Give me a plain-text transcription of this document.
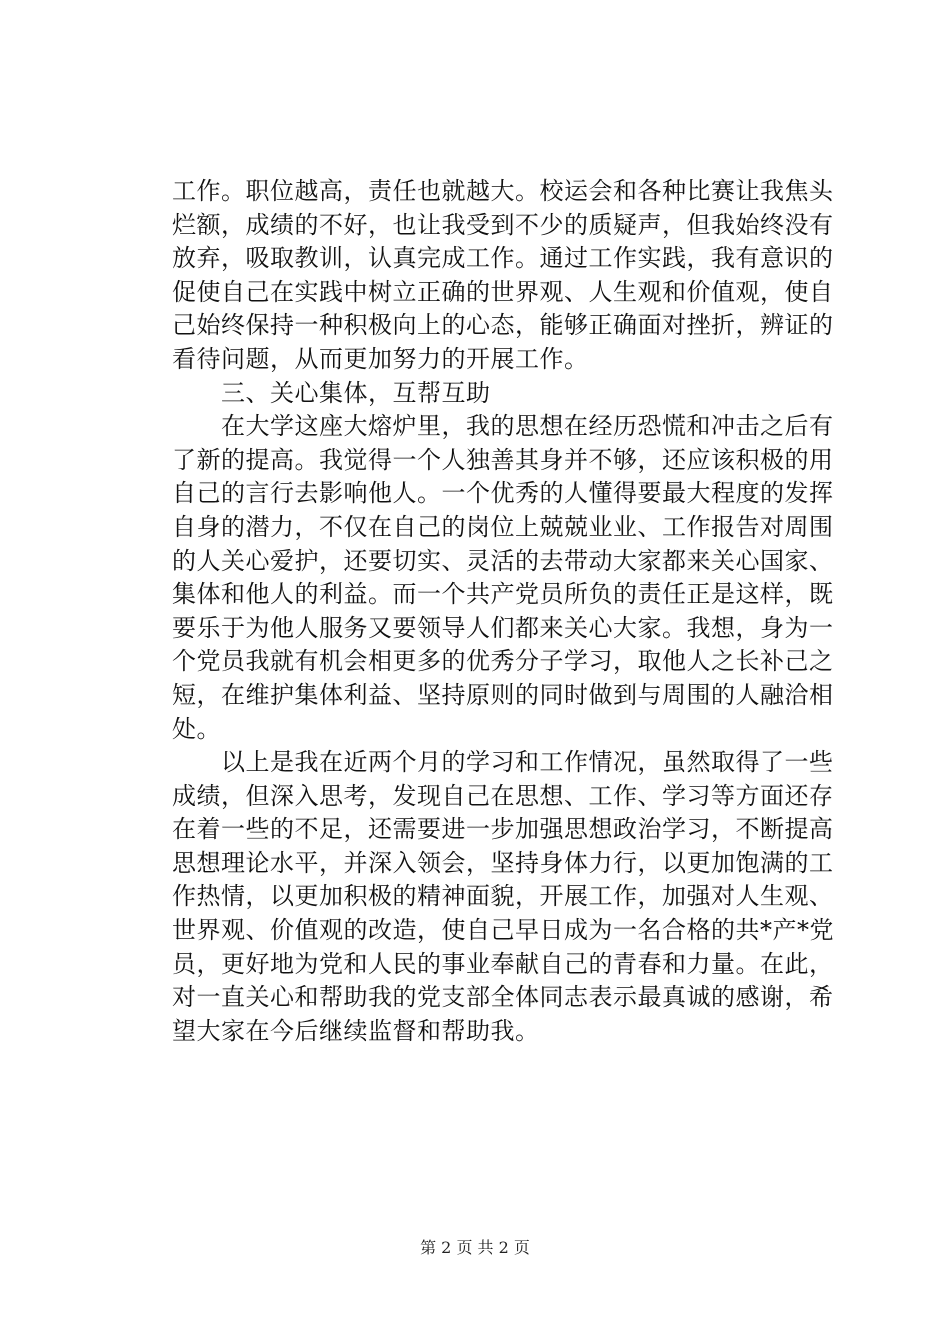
工作。职位越高，责任也就越大。校运会和各种比赛让我焦头
烂额，成绩的不好，也让我受到不少的质疑声，但我始终没有
放弃，吸取教训，认真完成工作。通过工作实践，我有意识的
促使自己在实践中树立正确的世界观、人生观和价值观，使自
己始终保持一种积极向上的心态，能够正确面对挫折，辨证的
看待问题，从而更加努力的开展工作。
　　三、关心集体，互帮互助
　　在大学这座大熔炉里，我的思想在经历恐慌和冲击之后有
了新的提高。我觉得一个人独善其身并不够，还应该积极的用
自己的言行去影响他人。一个优秀的人懂得要最大程度的发挥
自身的潜力，不仅在自己的岗位上兢兢业业、工作报告对周围
的人关心爱护，还要切实、灵活的去带动大家都来关心国家、
集体和他人的利益。而一个共产党员所负的责任正是这样，既
要乐于为他人服务又要领导人们都来关心大家。我想，身为一
个党员我就有机会相更多的优秀分子学习，取他人之长补己之
短，在维护集体利益、坚持原则的同时做到与周围的人融洽相
处。
　　以上是我在近两个月的学习和工作情况，虽然取得了一些
成绩，但深入思考，发现自己在思想、工作、学习等方面还存
在着一些的不足，还需要进一步加强思想政治学习，不断提高
思想理论水平，并深入领会，坚持身体力行，以更加饱满的工
作热情，以更加积极的精神面貌，开展工作，加强对人生观、
世界观、价值观的改造，使自己早日成为一名合格的共*产*党
员，更好地为党和人民的事业奉献自己的青春和力量。在此，
对一直关心和帮助我的党支部全体同志表示最真诚的感谢，希
望大家在今后继续监督和帮助我。
第 2 页 共 2 页
